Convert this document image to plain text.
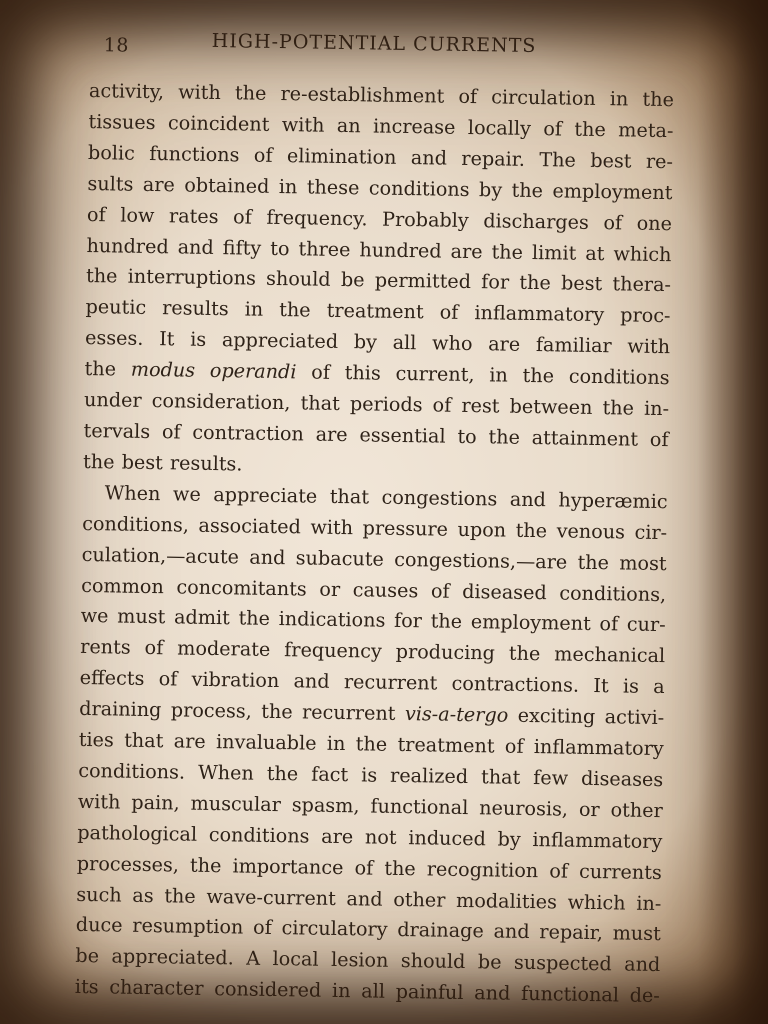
18	HIGH-POTENTIAL CURRENTS
activity, with the re-establishment of circulation in the
tissues coincident with an increase locally of the meta-
bolic functions of elimination and repair. The best re-
sults are obtained in these conditions by the employment
of low rates of frequency. Probably discharges of one
hundred and fifty to three hundred are the limit at which
the interruptions should be permitted for the best thera-
peutic results in the treatment of inflammatory proc-
esses. It is appreciated by all who are familiar with
the modus operandi of this current, in the conditions
under consideration, that periods of rest between the in-
tervals of contraction are essential to the attainment of
the best results.
When we appreciate that congestions and hyperæmic
conditions, associated with pressure upon the venous cir-
culation,—acute and subacute congestions,—are the most
common concomitants or causes of diseased conditions,
we must admit the indications for the employment of cur-
rents of moderate frequency producing the mechanical
effects of vibration and recurrent contractions. It is a
draining process, the recurrent vis-a-tergo exciting activi-
ties that are invaluable in the treatment of inflammatory
conditions. When the fact is realized that few diseases
with pain, muscular spasm, functional neurosis, or other
pathological conditions are not induced by inflammatory
processes, the importance of the recognition of currents
such as the wave-current and other modalities which in-
duce resumption of circulatory drainage and repair, must
be appreciated. A local lesion should be suspected and
its character considered in all painful and functional de-
